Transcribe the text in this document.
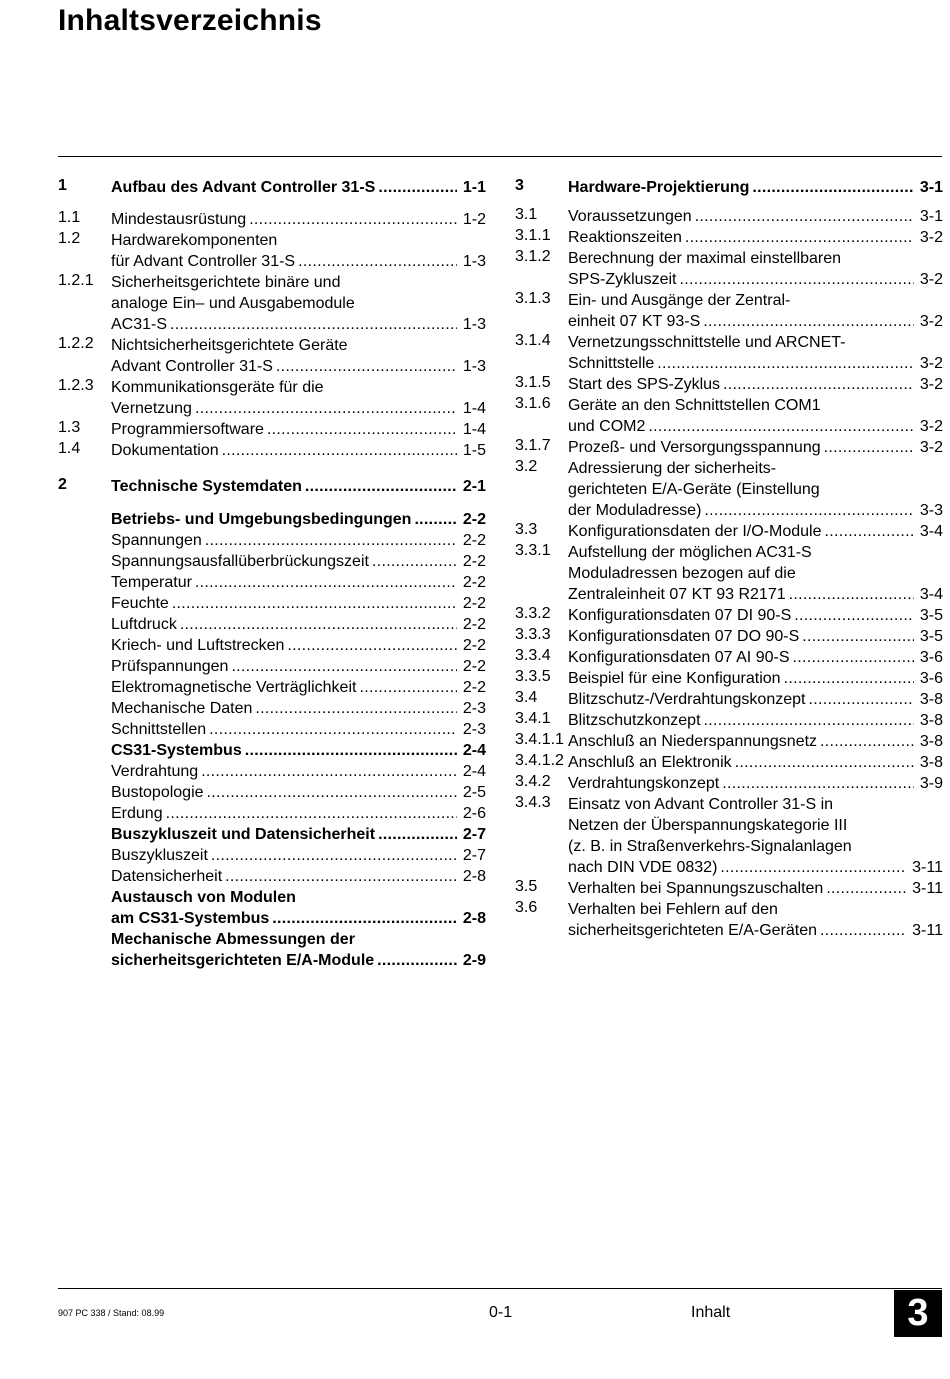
Inhaltsverzeichnis
1	Aufbau des Advant Controller 31-S .....	1-1
1.1 Mindestausrüstung .....	1-2
1.2 Hardwarekomponenten
für Advant Controller 31-S .....	1-3
1.2.1 Sicherheitsgerichtete binäre und
analoge Ein– und Ausgabemodule
AC31-S .....	1-3
1.2.2 Nichtsicherheitsgerichtete Geräte
Advant Controller 31-S .....	1-3
1.2.3 Kommunikationsgeräte für die
Vernetzung .....	1-4
1.3 Programmiersoftware .....	1-4
1.4 Dokumentation .....	1-5
2	Technische Systemdaten .....	2-1
Betriebs- und Umgebungsbedingungen .....	2-2
Spannungen .....	2-2
Spannungsausfallüberbrückungszeit .....	2-2
Temperatur .....	2-2
Feuchte .....	2-2
Luftdruck .....	2-2
Kriech- und Luftstrecken .....	2-2
Prüfspannungen .....	2-2
Elektromagnetische Verträglichkeit .....	2-2
Mechanische Daten .....	2-3
Schnittstellen .....	2-3
CS31-Systembus .....	2-4
Verdrahtung .....	2-4
Bustopologie .....	2-5
Erdung .....	2-6
Buszykluszeit und Datensicherheit .....	2-7
Buszykluszeit .....	2-7
Datensicherheit .....	2-8
Austausch von Modulen
am CS31-Systembus .....	2-8
Mechanische Abmessungen der
sicherheitsgerichteten E/A-Module .....	2-9
3	Hardware-Projektierung .....	3-1
3.1 Voraussetzungen .....	3-1
3.1.1 Reaktionszeiten .....	3-2
3.1.2 Berechnung der maximal einstellbaren
SPS-Zykluszeit .....	3-2
3.1.3 Ein- und Ausgänge der Zentral-
einheit 07 KT 93-S .....	3-2
3.1.4 Vernetzungsschnittstelle und ARCNET-
Schnittstelle .....	3-2
3.1.5 Start des SPS-Zyklus .....	3-2
3.1.6 Geräte an den Schnittstellen COM1
und COM2 .....	3-2
3.1.7 Prozeß- und Versorgungsspannung .....	3-2
3.2 Adressierung der sicherheits-
gerichteten E/A-Geräte (Einstellung
der Moduladresse) .....	3-3
3.3 Konfigurationsdaten der I/O-Module .....	3-4
3.3.1 Aufstellung der möglichen AC31-S
Moduladressen bezogen auf die
Zentraleinheit 07 KT 93 R2171 .....	3-4
3.3.2 Konfigurationsdaten 07 DI 90-S .....	3-5
3.3.3 Konfigurationsdaten 07 DO 90-S .....	3-5
3.3.4 Konfigurationsdaten 07 AI 90-S .....	3-6
3.3.5 Beispiel für eine Konfiguration .....	3-6
3.4 Blitzschutz-/Verdrahtungskonzept .....	3-8
3.4.1 Blitzschutzkonzept .....	3-8
3.4.1.1 Anschluß an Niederspannungsnetz .....	3-8
3.4.1.2 Anschluß an Elektronik .....	3-8
3.4.2 Verdrahtungskonzept .....	3-9
3.4.3 Einsatz von Advant Controller 31-S in
Netzen der Überspannungskategorie III
(z. B. in Straßenverkehrs-Signalanlagen
nach DIN VDE 0832) .....	3-11
3.5 Verhalten bei Spannungszuschalten .....	3-11
3.6 Verhalten bei Fehlern auf den
sicherheitsgerichteten E/A-Geräten .....	3-11
907 PC 338 / Stand: 08.99	0-1	Inhalt	3
